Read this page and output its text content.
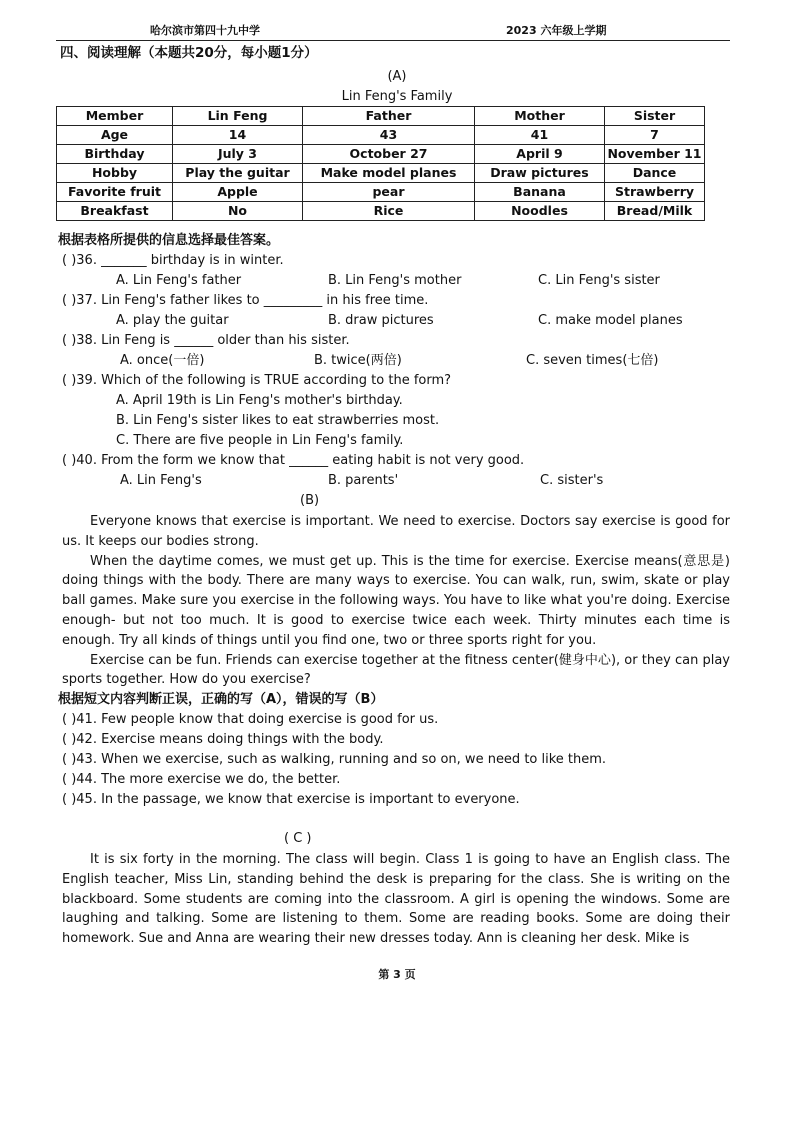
哈尔滨市第四十九中学	2023 六年级上学期
四、阅读理解（本题共20分，每小题1分）
(A)
Lin Feng's Family
Member	Lin Feng	Father	Mother	Sister
Age	14	43	41	7
Birthday	July 3	October 27	April 9	November 11
Hobby	Play the guitar	Make model planes	Draw pictures	Dance
Favorite fruit	Apple	pear	Banana	Strawberry
Breakfast	No	Rice	Noodles	Bread/Milk
根据表格所提供的信息选择最佳答案。
( )36. _______ birthday is in winter.
A. Lin Feng's father	B. Lin Feng's mother	C. Lin Feng's sister
( )37. Lin Feng's father likes to _________ in his free time.
A. play the guitar	B. draw pictures	C. make model planes
( )38. Lin Feng is ______ older than his sister.
A. once(一倍)	B. twice(两倍)	C. seven times(七倍)
( )39. Which of the following is TRUE according to the form?
A. April 19th is Lin Feng's mother's birthday.
B. Lin Feng's sister likes to eat strawberries most.
C. There are five people in Lin Feng's family.
( )40. From the form we know that ______ eating habit is not very good.
A. Lin Feng's	B. parents'	C. sister's
(B)

Everyone knows that exercise is important. We need to exercise. Doctors say exercise is good for us. It keeps our bodies strong.

When the daytime comes, we must get up. This is the time for exercise. Exercise means(意思是) doing things with the body. There are many ways to exercise. You can walk, run, swim, skate or play ball games. Make sure you exercise in the following ways. You have to like what you're doing. Exercise enough- but not too much. It is good to exercise twice each week. Thirty minutes each time is enough. Try all kinds of things until you find one, two or three sports right for you.

Exercise can be fun. Friends can exercise together at the fitness center(健身中心), or they can play sports together. How do you exercise?

根据短文内容判断正误，正确的写（A），错误的写（B）
( )41. Few people know that doing exercise is good for us.
( )42. Exercise means doing things with the body.
( )43. When we exercise, such as walking, running and so on, we need to like them.
( )44. The more exercise we do, the better.
( )45. In the passage, we know that exercise is important to everyone.
( C )

It is six forty in the morning. The class will begin. Class 1 is going to have an English class. The English teacher, Miss Lin, standing behind the desk is preparing for the class. She is writing on the blackboard. Some students are coming into the classroom. A girl is opening the windows. Some are laughing and talking. Some are listening to them. Some are reading books. Some are doing their homework. Sue and Anna are wearing their new dresses today. Ann is cleaning her desk. Mike is

第 3 页
